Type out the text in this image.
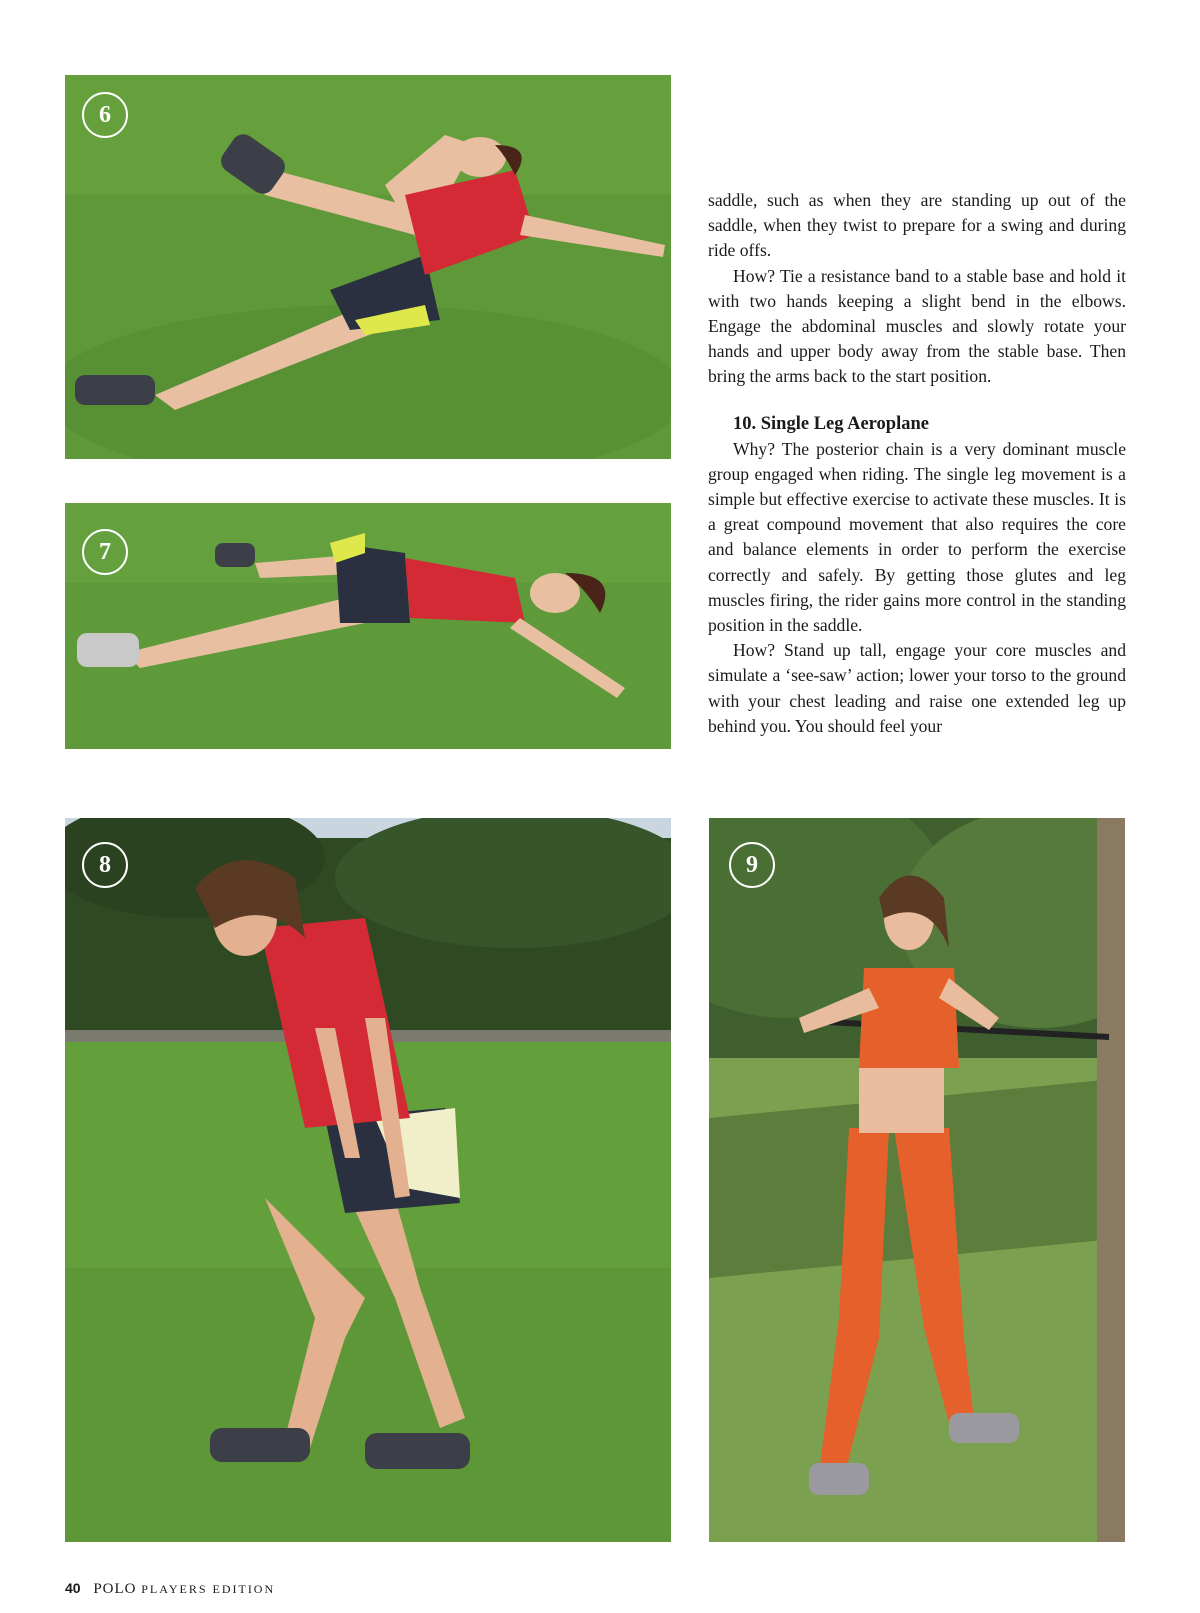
6
7
8	9

saddle, such as when they are standing up out of the saddle, when they twist to prepare for a swing and during ride offs.

How? Tie a resistance band to a stable base and hold it with two hands keeping a slight bend in the elbows. Engage the abdominal muscles and slowly rotate your hands and upper body away from the stable base. Then bring the arms back to the start position.

10. Single Leg Aeroplane

Why? The posterior chain is a very dominant muscle group engaged when riding. The single leg movement is a simple but effective exercise to activate these muscles. It is a great compound movement that also requires the core and balance elements in order to perform the exercise correctly and safely. By getting those glutes and leg muscles firing, the rider gains more control in the standing position in the saddle.

How? Stand up tall, engage your core muscles and simulate a ‘see-saw’ action; lower your torso to the ground with your chest leading and raise one extended leg up behind you. You should feel your

40 POLO PLAYERS EDITION
